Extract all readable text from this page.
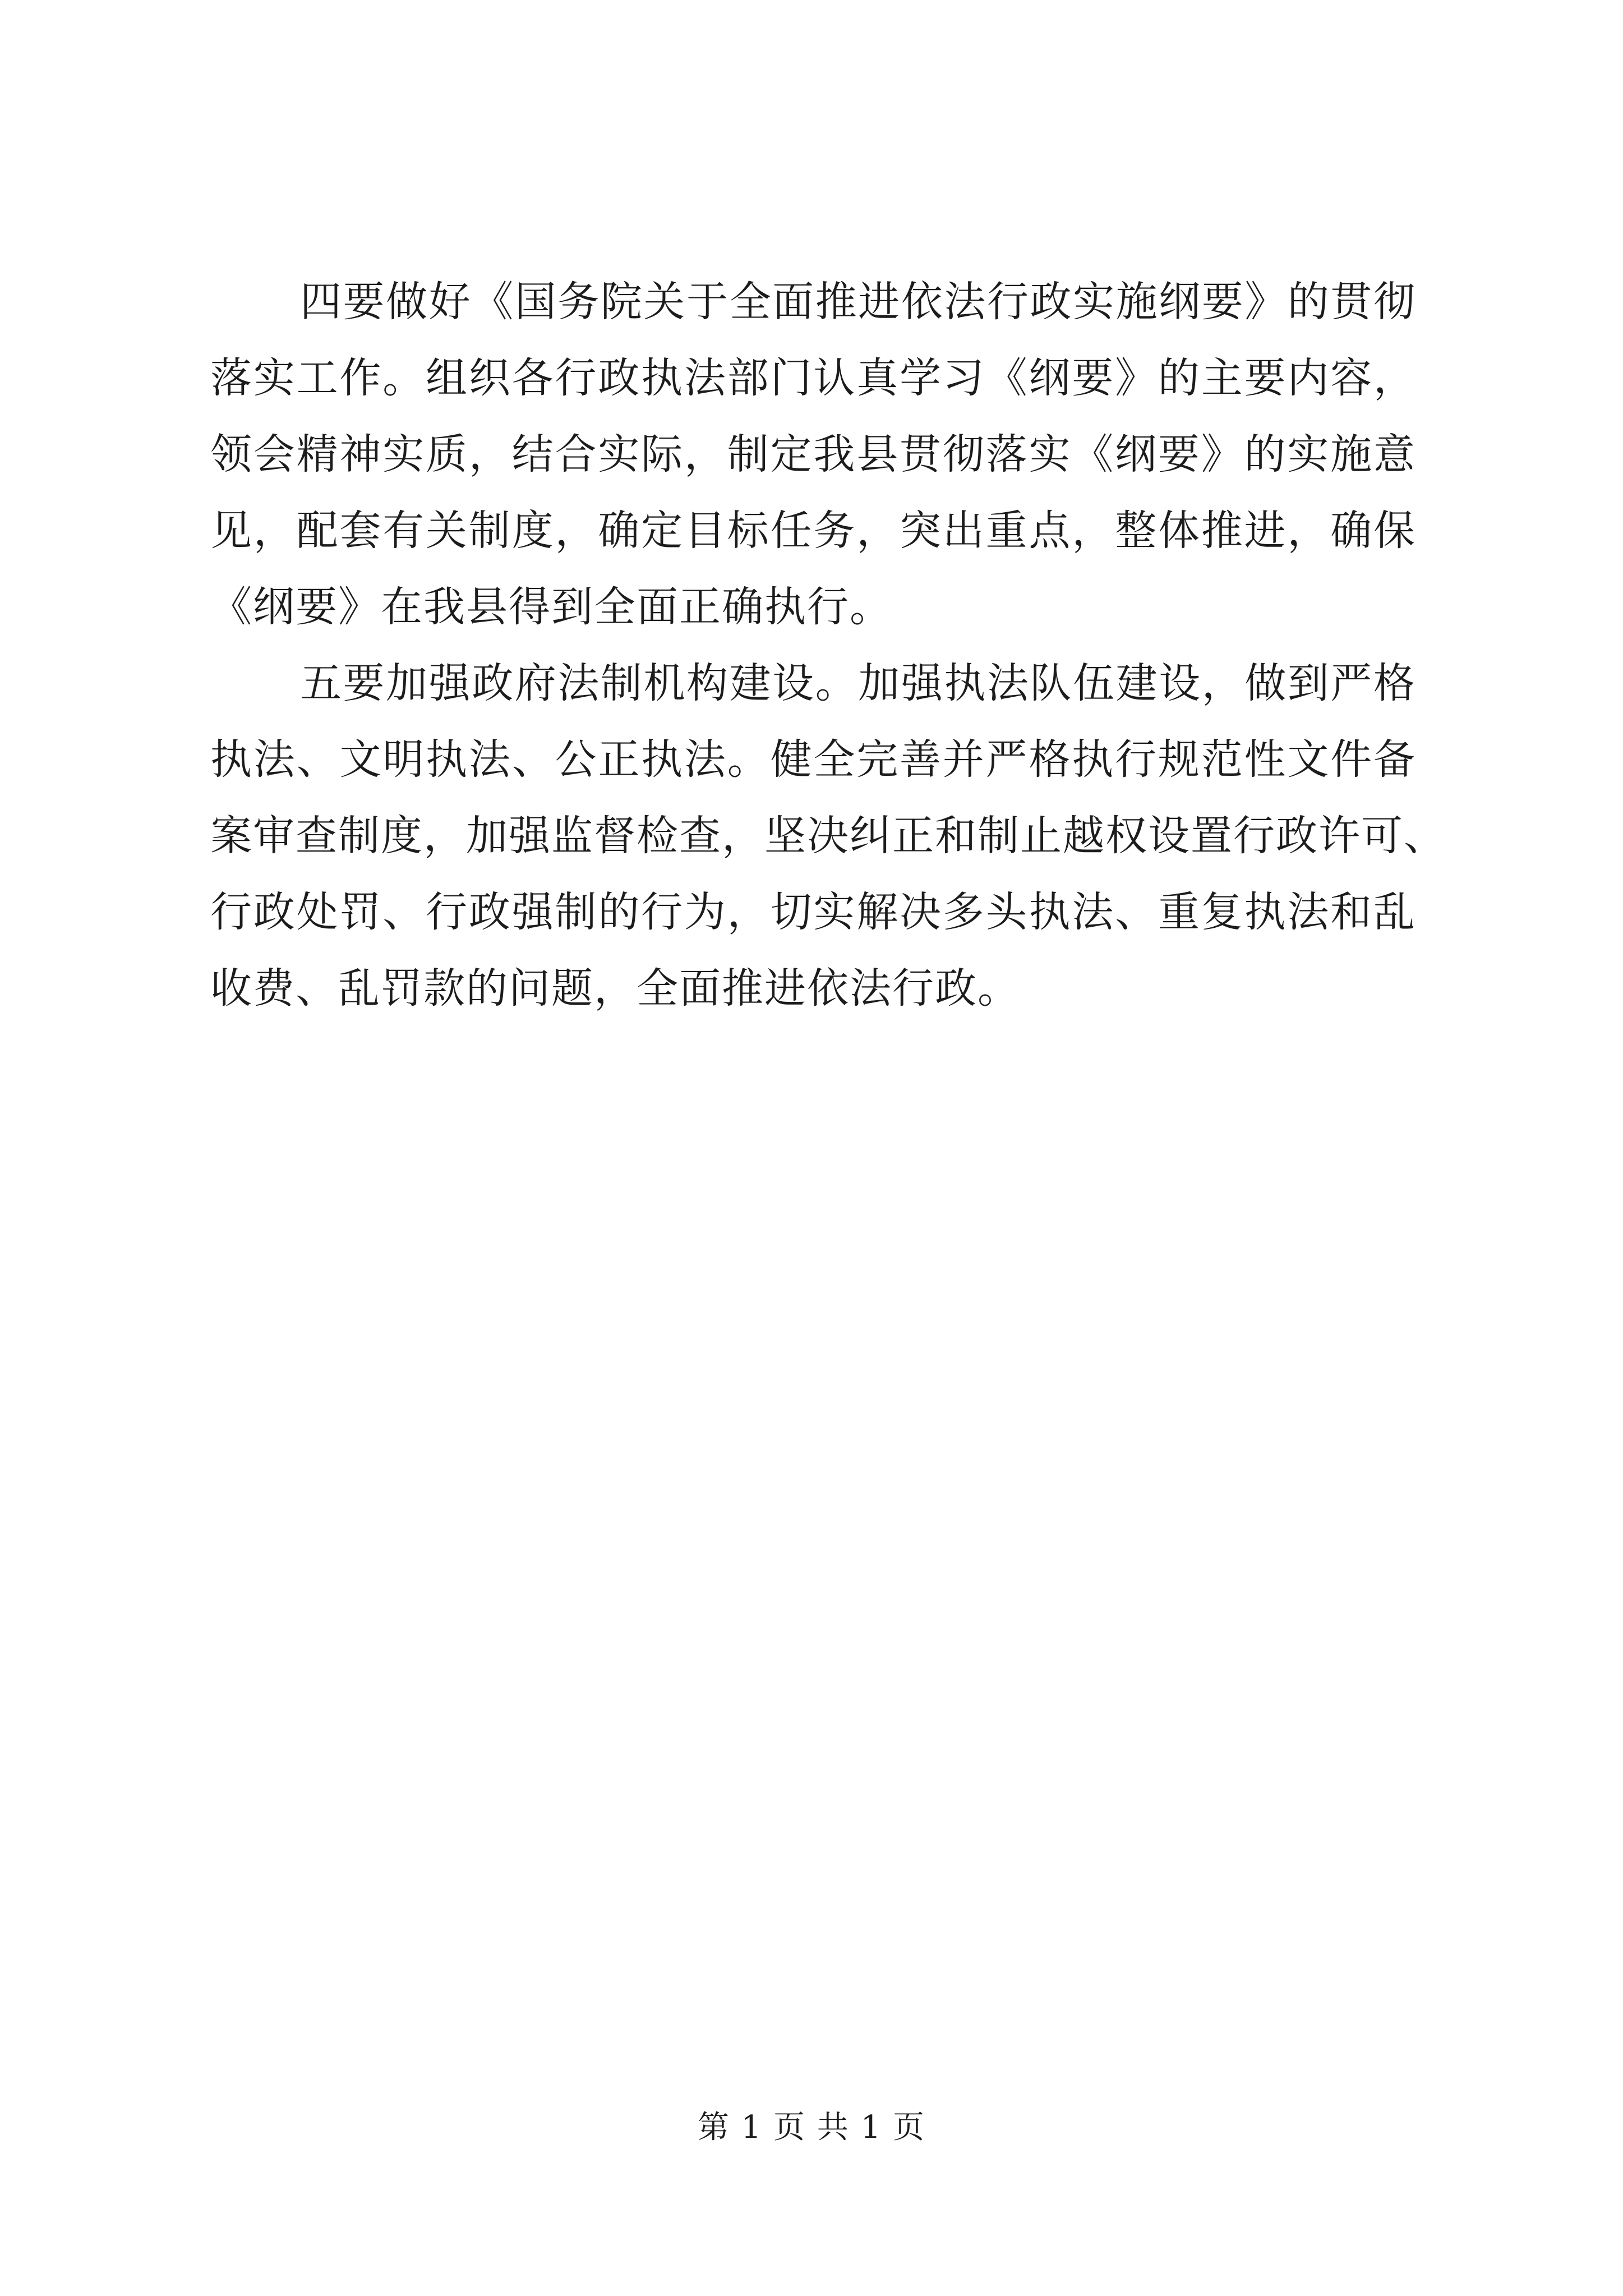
四要做好《国务院关于全面推进依法行政实施纲要》的贯彻
落实工作。组织各行政执法部门认真学习《纲要》的主要内容，
领会精神实质，结合实际，制定我县贯彻落实《纲要》的实施意
见，配套有关制度，确定目标任务，突出重点，整体推进，确保
《纲要》在我县得到全面正确执行。
五要加强政府法制机构建设。加强执法队伍建设，做到严格
执法、文明执法、公正执法。健全完善并严格执行规范性文件备
案审查制度，加强监督检查，坚决纠正和制止越权设置行政许可、
行政处罚、行政强制的行为，切实解决多头执法、重复执法和乱
收费、乱罚款的问题，全面推进依法行政。
第 1 页 共 1 页
